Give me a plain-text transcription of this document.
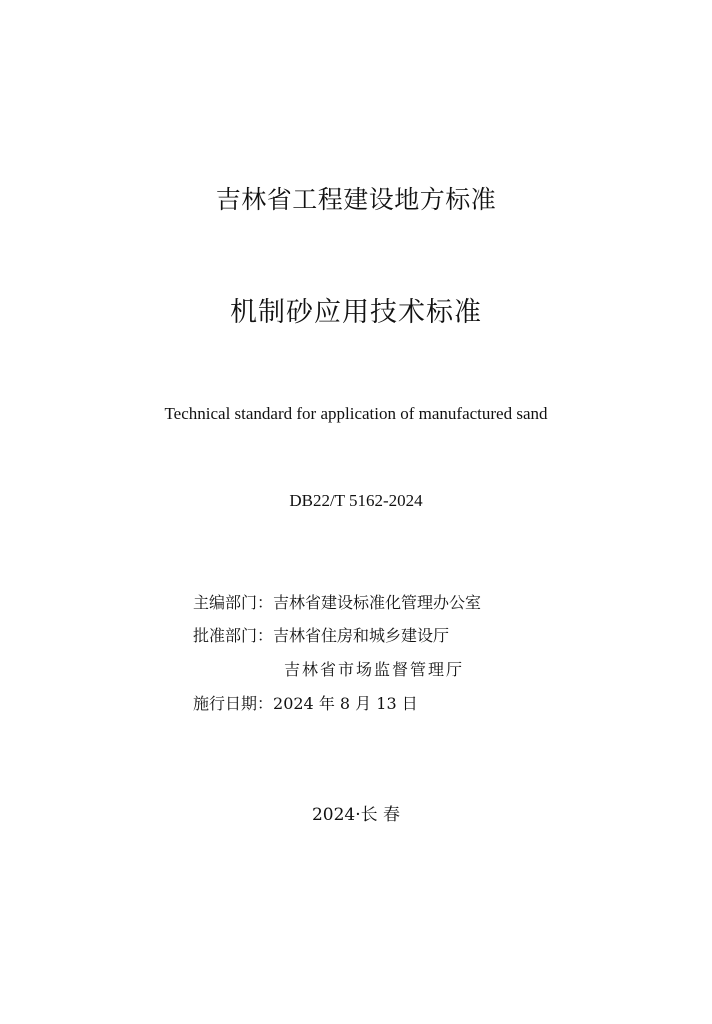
吉林省工程建设地方标准
机制砂应用技术标准
Technical standard for application of manufactured sand
DB22/T 5162-2024
主编部门：吉林省建设标准化管理办公室
批准部门：吉林省住房和城乡建设厅
吉林省市场监督管理厅
施行日期：2024 年 8 月 13 日
2024·长 春
